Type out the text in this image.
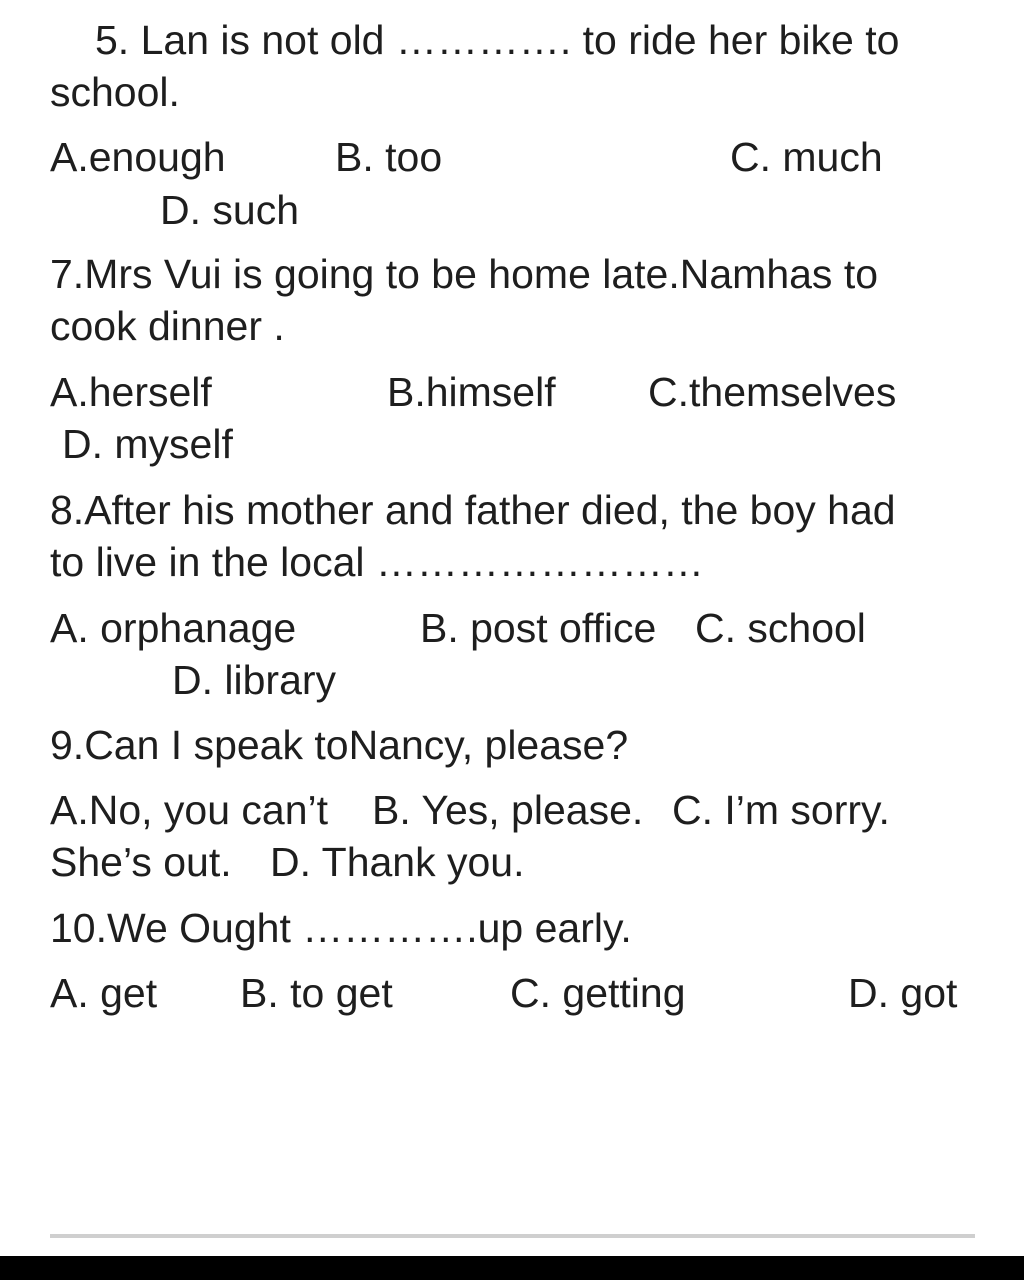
5. Lan is not old …………. to ride her bike to
school.
A.enough	B. too	C. much
D. such
7.Mrs Vui is going to be home late.Namhas to
cook dinner .
A.herself	B.himself C.themselves
D. myself
8.After his mother and father died, the boy had
to live in the local ……………………
A. orphanage	B. post office C. school
D. library
9.Can I speak toNancy, please?
A.No, you can’t B. Yes, please. C. I’m sorry.
She’s out. D. Thank you.
10.We Ought ………….up early.
A. get B. to get	C. getting	D. got
